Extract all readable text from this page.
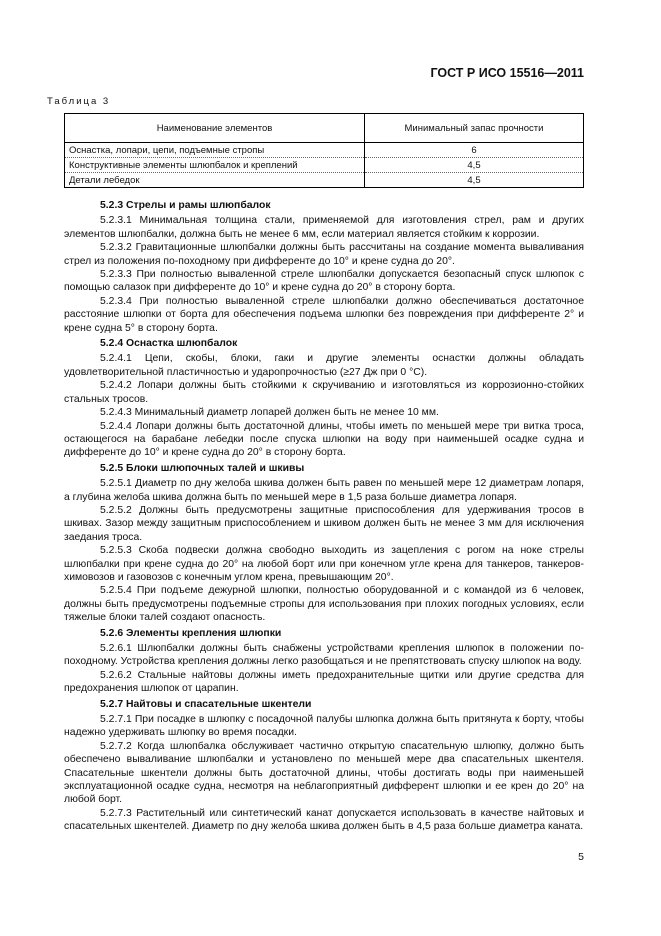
ГОСТ Р ИСО 15516—2011
Таблица 3
Наименование элементов	Минимальный запас прочности
Оснастка, лопари, цепи, подъемные стропы	6
Конструктивные элементы шлюпбалок и креплений	4,5
Детали лебедок	4,5

5.2.3 Стрелы и рамы шлюпбалок

5.2.3.1 Минимальная толщина стали, применяемой для изготовления стрел, рам и других элементов шлюпбалки, должна быть не менее 6 мм, если материал является стойким к коррозии.

5.2.3.2 Гравитационные шлюпбалки должны быть рассчитаны на создание момента вываливания стрел из положения по-походному при дифференте до 10° и крене судна до 20°.

5.2.3.3 При полностью вываленной стреле шлюпбалки допускается безопасный спуск шлюпок с помощью салазок при дифференте до 10° и крене судна до 20° в сторону борта.

5.2.3.4 При полностью вываленной стреле шлюпбалки должно обеспечиваться достаточное расстояние шлюпки от борта для обеспечения подъема шлюпки без повреждения при дифференте 2° и крене судна 5° в сторону борта.

5.2.4 Оснастка шлюпбалок

5.2.4.1 Цепи, скобы, блоки, гаки и другие элементы оснастки должны обладать удовлетворительной пластичностью и ударопрочностью (≥27 Дж при 0 °С).

5.2.4.2 Лопари должны быть стойкими к скручиванию и изготовляться из коррозионно-стойких стальных тросов.

5.2.4.3 Минимальный диаметр лопарей должен быть не менее 10 мм.

5.2.4.4 Лопари должны быть достаточной длины, чтобы иметь по меньшей мере три витка троса, остающегося на барабане лебедки после спуска шлюпки на воду при наименьшей осадке судна и дифференте до 10° и крене судна до 20° в сторону борта.

5.2.5 Блоки шлюпочных талей и шкивы

5.2.5.1 Диаметр по дну желоба шкива должен быть равен по меньшей мере 12 диаметрам лопаря, а глубина желоба шкива должна быть по меньшей мере в 1,5 раза больше диаметра лопаря.

5.2.5.2 Должны быть предусмотрены защитные приспособления для удерживания тросов в шкивах. Зазор между защитным приспособлением и шкивом должен быть не менее 3 мм для исключения заедания троса.

5.2.5.3 Скоба подвески должна свободно выходить из зацепления с рогом на ноке стрелы шлюпбалки при крене судна до 20° на любой борт или при конечном угле крена для танкеров, танкеров-химовозов и газовозов с конечным углом крена, превышающим 20°.

5.2.5.4 При подъеме дежурной шлюпки, полностью оборудованной и с командой из 6 человек, должны быть предусмотрены подъемные стропы для использования при плохих погодных условиях, если тяжелые блоки талей создают опасность.

5.2.6 Элементы крепления шлюпки

5.2.6.1 Шлюпбалки должны быть снабжены устройствами крепления шлюпок в положении по-походному. Устройства крепления должны легко разобщаться и не препятствовать спуску шлюпок на воду.

5.2.6.2 Стальные найтовы должны иметь предохранительные щитки или другие средства для предохранения шлюпок от царапин.

5.2.7 Найтовы и спасательные шкентели

5.2.7.1 При посадке в шлюпку с посадочной палубы шлюпка должна быть притянута к борту, чтобы надежно удерживать шлюпку во время посадки.

5.2.7.2 Когда шлюпбалка обслуживает частично открытую спасательную шлюпку, должно быть обеспечено вываливание шлюпбалки и установлено по меньшей мере два спасательных шкентеля. Спасательные шкентели должны быть достаточной длины, чтобы достигать воды при наименьшей эксплуатационной осадке судна, несмотря на неблагоприятный дифферент шлюпки и ее крен до 20° на любой борт.

5.2.7.3 Растительный или синтетический канат допускается использовать в качестве найтовых и спасательных шкентелей. Диаметр по дну желоба шкива должен быть в 4,5 раза больше диаметра каната.

5
